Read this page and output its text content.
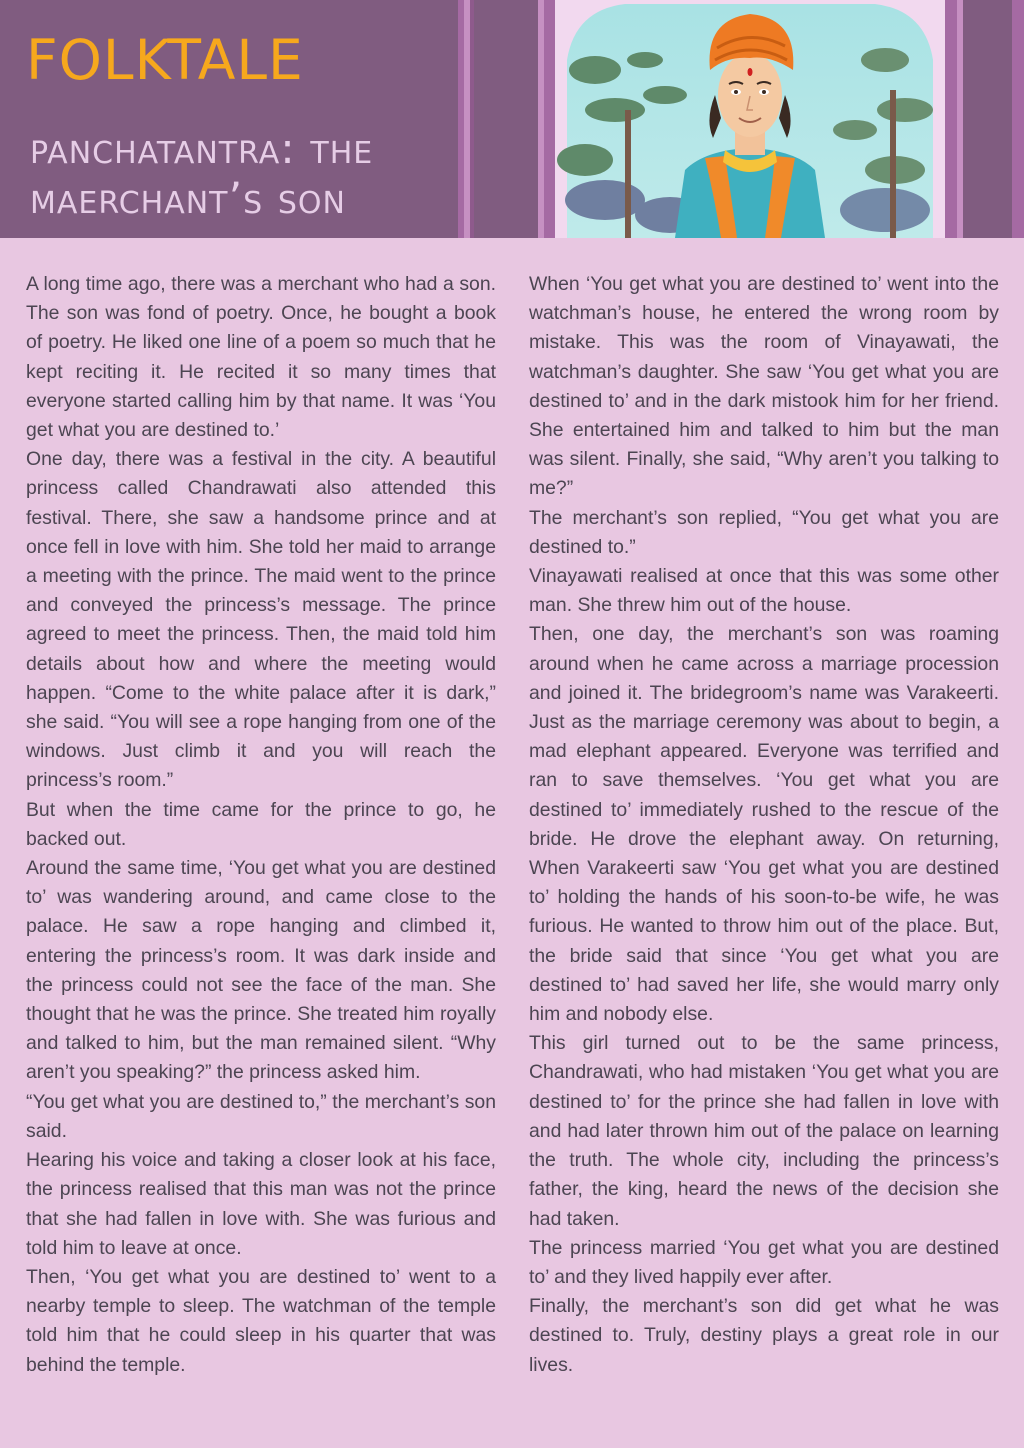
folktale
panchatantra: the maerchant’s son

A long time ago, there was a merchant who had a son. The son was fond of poetry. Once, he bought a book of poetry. He liked one line of a poem so much that he kept reciting it. He recited it so many times that everyone started calling him by that name. It was ‘You get what you are destined to.’

One day, there was a festival in the city. A beautiful princess called Chandrawati also attended this festival. There, she saw a handsome prince and at once fell in love with him. She told her maid to arrange a meeting with the prince. The maid went to the prince and conveyed the princess’s message. The prince agreed to meet the princess. Then, the maid told him details about how and where the meeting would happen. “Come to the white palace after it is dark,” she said. “You will see a rope hanging from one of the windows. Just climb it and you will reach the princess’s room.”

But when the time came for the prince to go, he backed out.

Around the same time, ‘You get what you are destined to’ was wandering around, and came close to the palace. He saw a rope hanging and climbed it, entering the princess’s room. It was dark inside and the princess could not see the face of the man. She thought that he was the prince. She treated him royally and talked to him, but the man remained silent. “Why aren’t you speaking?” the princess asked him.

“You get what you are destined to,” the merchant’s son said.

Hearing his voice and taking a closer look at his face, the princess realised that this man was not the prince that she had fallen in love with. She was furious and told him to leave at once.

Then, ‘You get what you are destined to’ went to a nearby temple to sleep. The watchman of the temple told him that he could sleep in his quarter that was behind the temple.

When ‘You get what you are destined to’ went into the watchman’s house, he entered the wrong room by mistake. This was the room of Vinayawati, the watchman’s daughter. She saw ‘You get what you are destined to’ and in the dark mistook him for her friend. She entertained him and talked to him but the man was silent. Finally, she said, “Why aren’t you talking to me?”

The merchant’s son replied, “You get what you are destined to.”

Vinayawati realised at once that this was some other man. She threw him out of the house.

Then, one day, the merchant’s son was roaming around when he came across a marriage procession and joined it. The bridegroom’s name was Varakeerti. Just as the marriage ceremony was about to begin, a mad elephant appeared. Everyone was terrified and ran to save themselves. ‘You get what you are destined to’ immediately rushed to the rescue of the bride. He drove the elephant away. On returning, When Varakeerti saw ‘You get what you are destined to’ holding the hands of his soon-to-be wife, he was furious. He wanted to throw him out of the place. But, the bride said that since ‘You get what you are destined to’ had saved her life, she would marry only him and nobody else.

This girl turned out to be the same princess, Chandrawati, who had mistaken ‘You get what you are destined to’ for the prince she had fallen in love with and had later thrown him out of the palace on learning the truth. The whole city, including the princess’s father, the king, heard the news of the decision she had taken.

The princess married ‘You get what you are destined to’ and they lived happily ever after.

Finally, the merchant’s son did get what he was destined to. Truly, destiny plays a great role in our lives.
